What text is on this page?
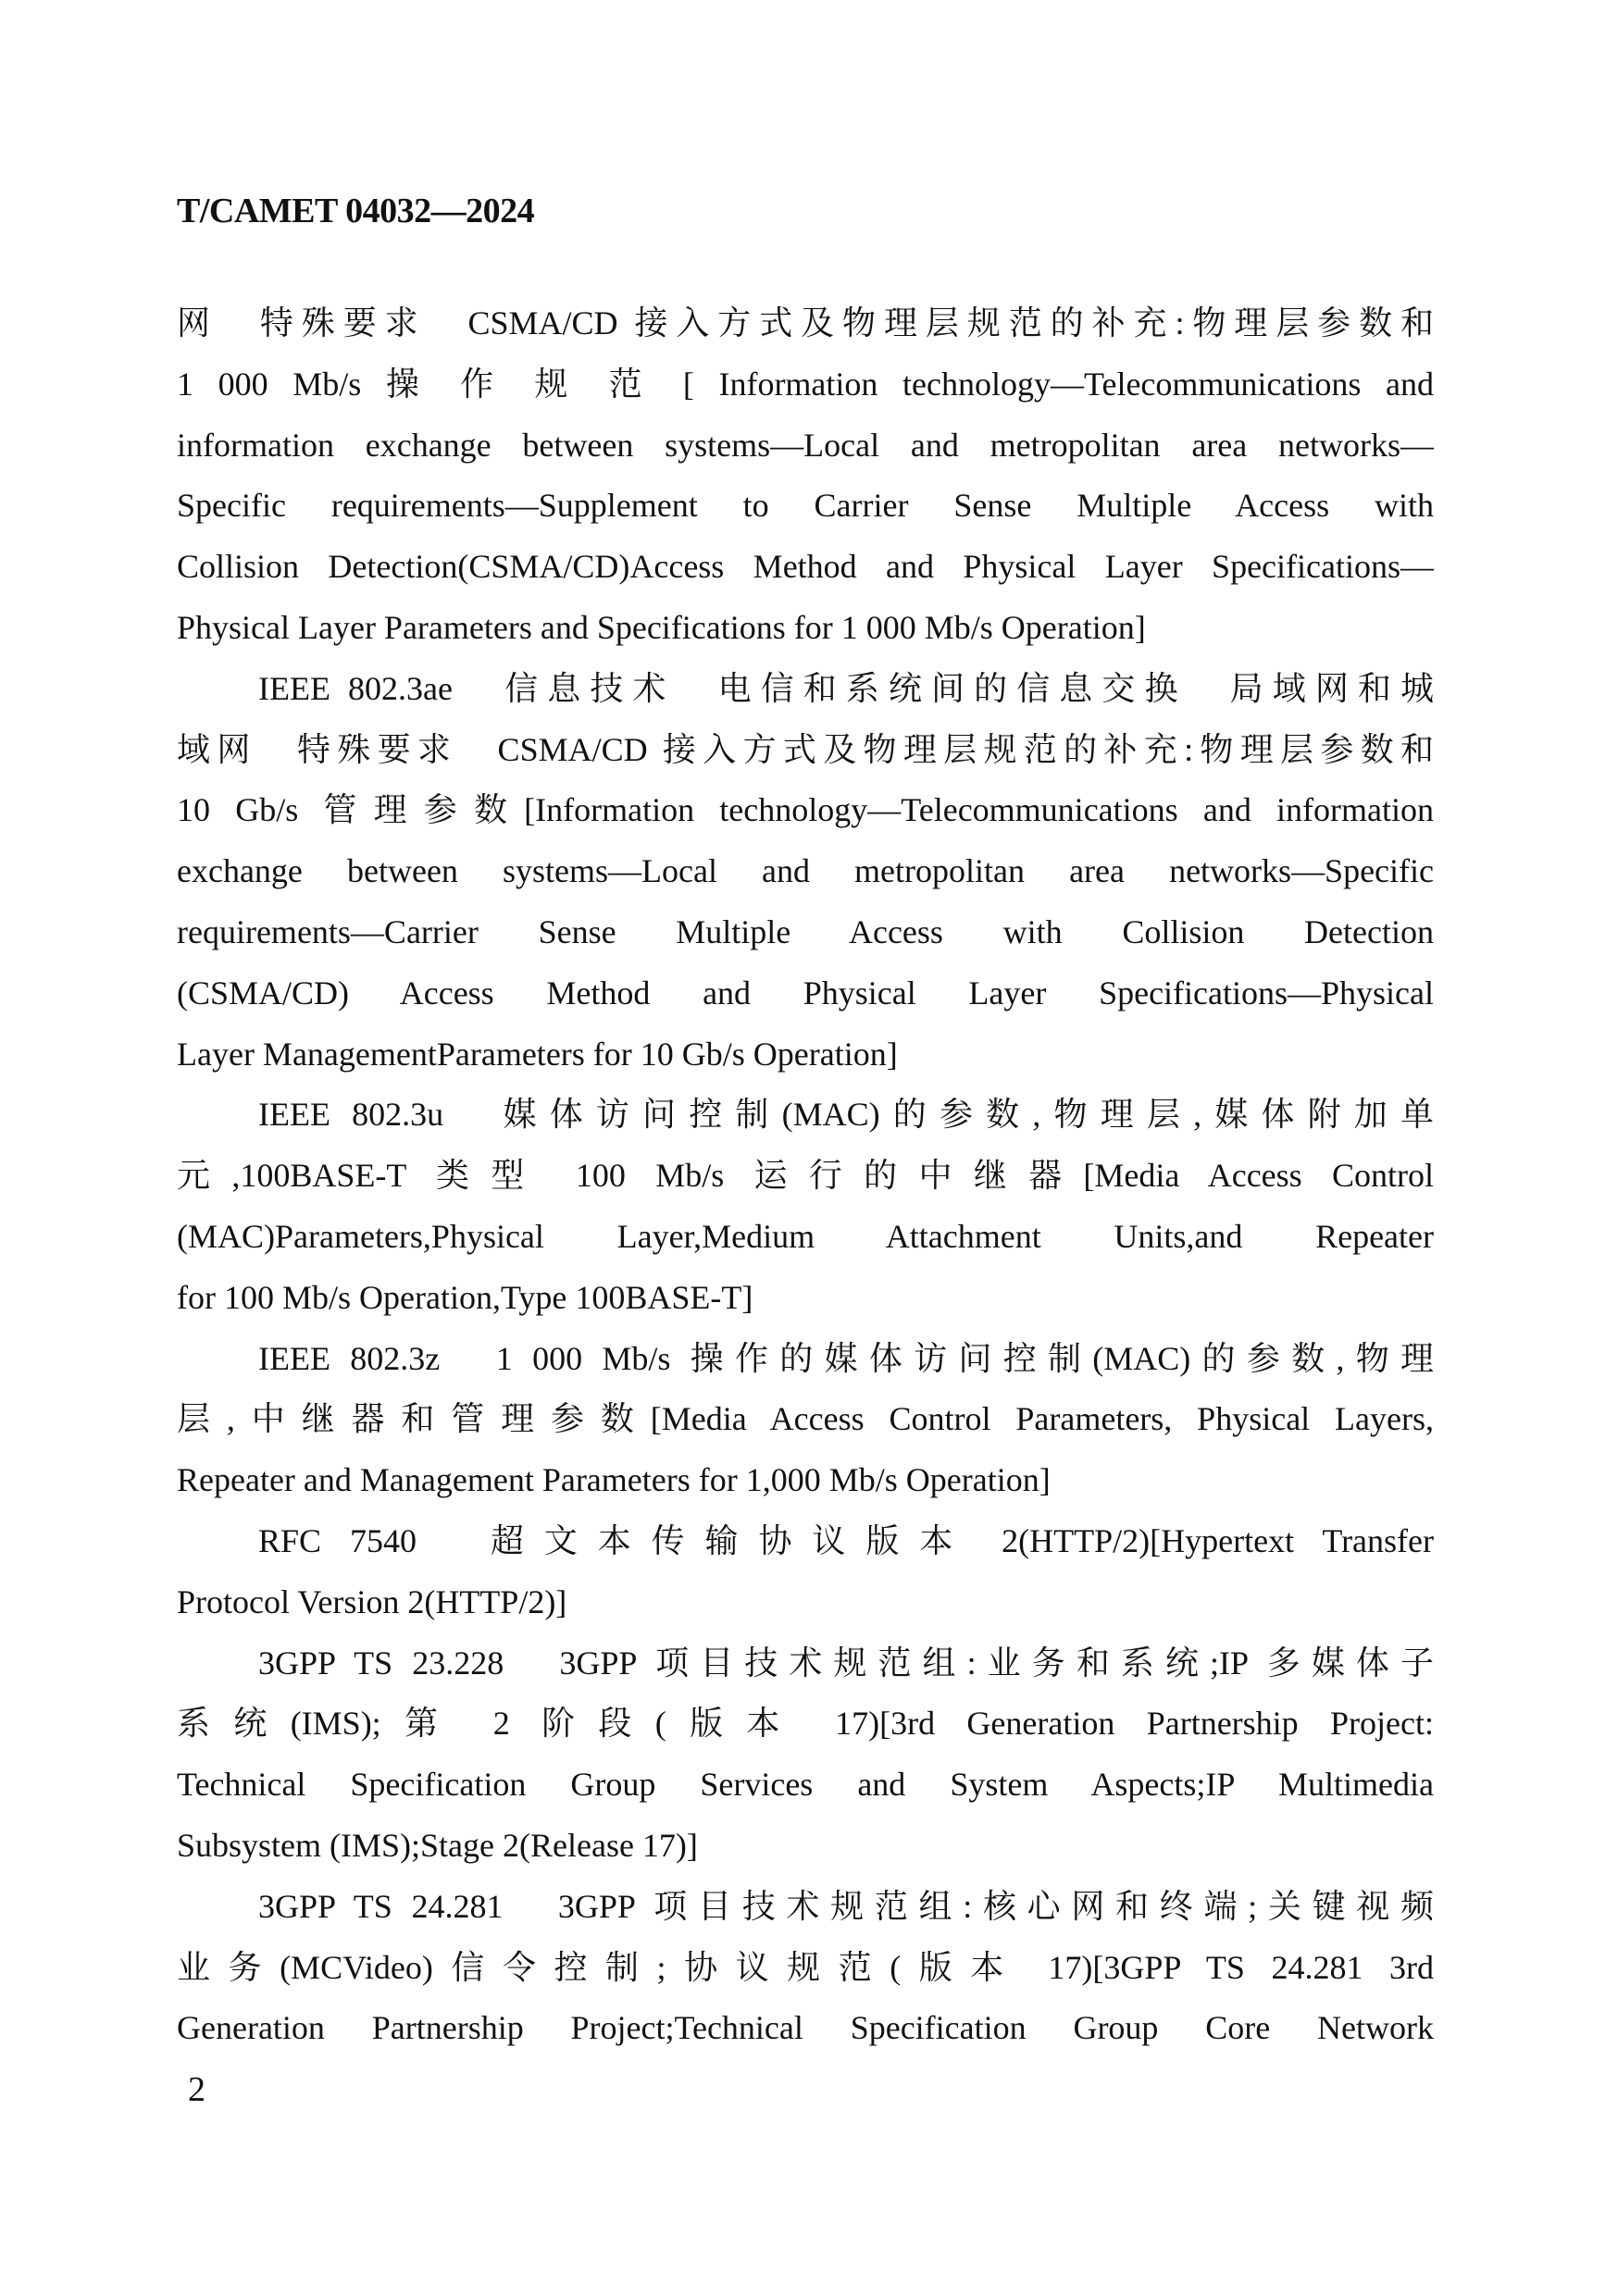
T/CAMET 04032—2024
网　特殊要求　CSMA/CD 接入方式及物理层规范的补充:物理层参数和
1 000 Mb/s 操 作 规 范 [ Information technology—Telecommunications and
information exchange between systems—Local and metropolitan area networks—
Specific requirements—Supplement to Carrier Sense Multiple Access with
Collision Detection(CSMA/CD)Access Method and Physical Layer Specifications—
Physical Layer Parameters and Specifications for 1 000 Mb/s Operation]
IEEE 802.3ae　信息技术　电信和系统间的信息交换　局域网和城
域网　特殊要求　CSMA/CD 接入方式及物理层规范的补充:物理层参数和
10 Gb/s 管理参数[Information technology—Telecommunications and information
exchange between systems—Local and metropolitan area networks—Specific
requirements—Carrier Sense Multiple Access with Collision Detection
(CSMA/CD) Access Method and Physical Layer Specifications—Physical
Layer ManagementParameters for 10 Gb/s Operation]
IEEE 802.3u　媒体访问控制(MAC)的参数,物理层,媒体附加单
元,100BASE-T 类型 100 Mb/s 运行的中继器[Media Access Control
(MAC)Parameters,Physical Layer,Medium Attachment Units,and Repeater
for 100 Mb/s Operation,Type 100BASE-T]
IEEE 802.3z　1 000 Mb/s 操作的媒体访问控制(MAC)的参数,物理
层,中继器和管理参数[Media Access Control Parameters, Physical Layers,
Repeater and Management Parameters for 1,000 Mb/s Operation]
RFC 7540　超文本传输协议版本 2(HTTP/2)[Hypertext Transfer
Protocol Version 2(HTTP/2)]
3GPP TS 23.228　3GPP 项目技术规范组:业务和系统;IP 多媒体子
系统(IMS);第 2 阶段(版本 17)[3rd Generation Partnership Project:
Technical Specification Group Services and System Aspects;IP Multimedia
Subsystem (IMS);Stage 2(Release 17)]
3GPP TS 24.281　3GPP 项目技术规范组:核心网和终端;关键视频
业务(MCVideo)信令控制;协议规范(版本 17)[3GPP TS 24.281 3rd
Generation Partnership Project;Technical Specification Group Core Network
2
